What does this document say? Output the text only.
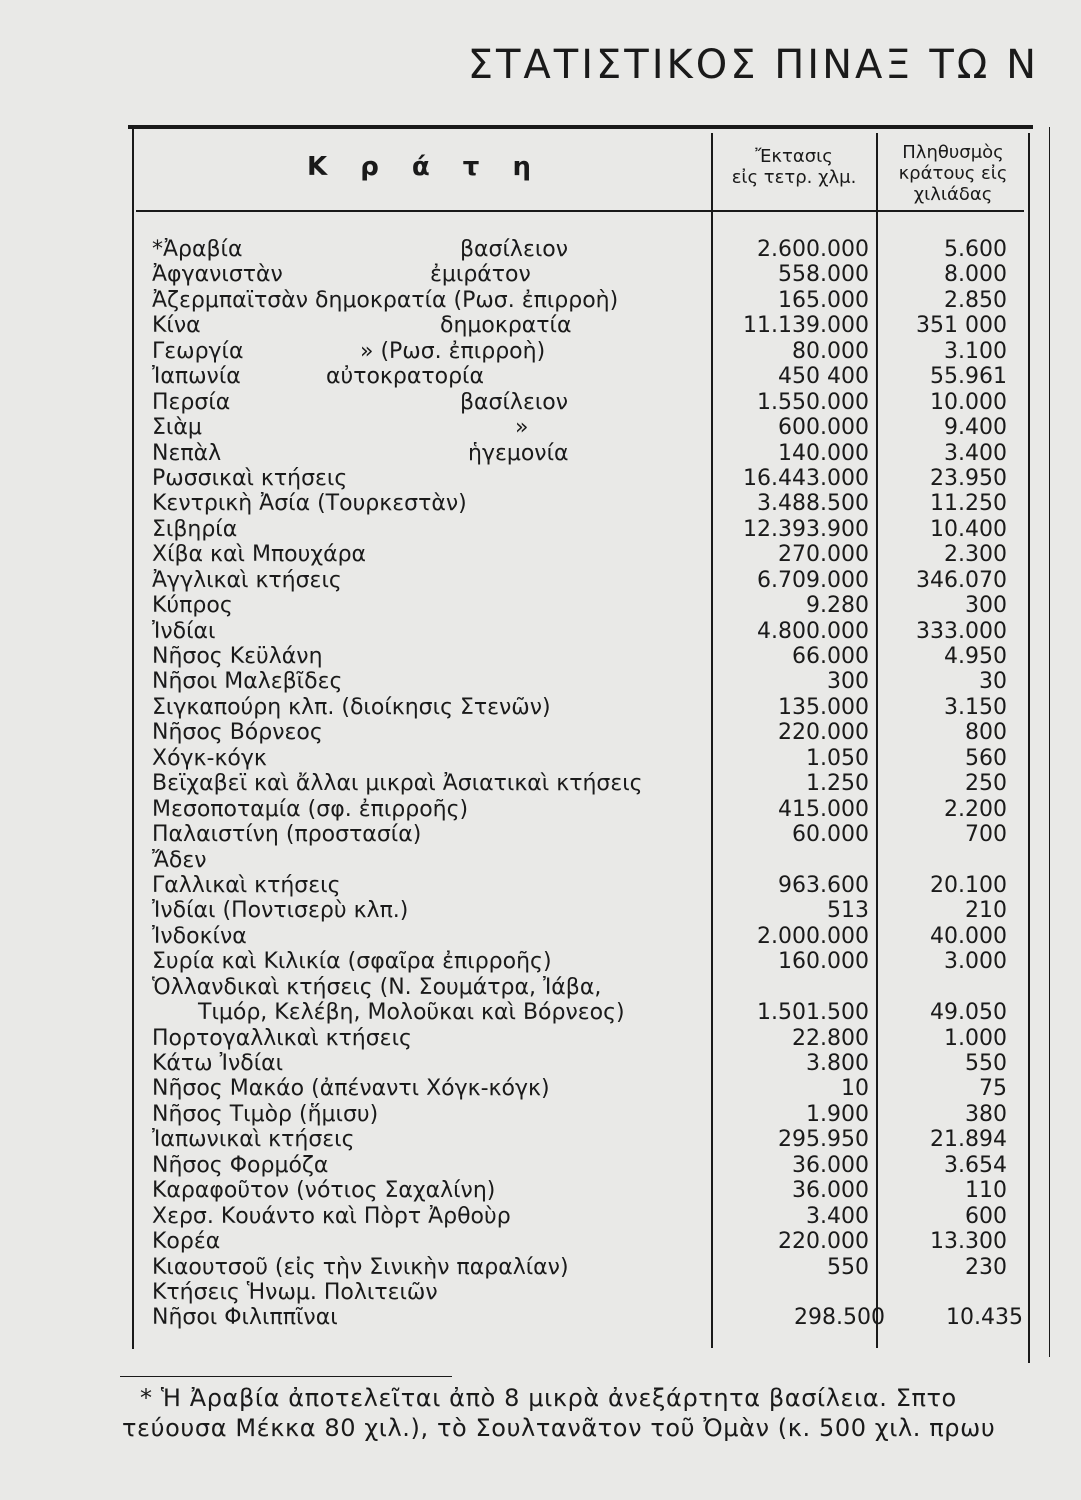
ΣΤΑΤΙΣΤΙΚΟΣ ΠΙΝΑΞ ΤΩ Ν
Κ ρ ά τ η	Ἔκτασις
εἰς τετρ. χλμ.
Πληθυσμὸς
κράτους εἰς
χιλιάδας
*Ἀραβία	βασίλειον	2.600.000	5.600
Ἀφγανιστὰν	ἐμιράτον	558.000	8.000
Ἀζερμπαϊτσὰν δημοκρατία (Ρωσ. ἐπιρροὴ)	165.000	2.850
Κίνα	δημοκρατία	11.139.000 351 000
Γεωργία	» (Ρωσ. ἐπιρροὴ)	80.000	3.100
Ἰαπωνία	αὐτοκρατορία	450 400	55.961
Περσία	βασίλειον	1.550.000	10.000
Σιὰμ	»	600.000	9.400
Νεπὰλ	ἡγεμονία	140.000	3.400
Ρωσσικαὶ κτήσεις	16.443.000	23.950
Κεντρικὴ Ἀσία (Τουρκεστὰν)	3.488.500	11.250
Σιβηρία	12.393.900	10.400
Χίβα καὶ Μπουχάρα	270.000	2.300
Ἀγγλικαὶ κτήσεις	6.709.000 346.070
Κύπρος	9.280	300
Ἰνδίαι	4.800.000 333.000
Νῆσος Κεϋλάνη	66.000	4.950
Νῆσοι Μαλεβῖδες	300	30
Σιγκαπούρη κλπ. (διοίκησις Στενῶν)	135.000	3.150
Νῆσος Βόρνεος	220.000	800
Χόγκ-κόγκ	1.050	560
Βεϊχαβεϊ καὶ ἄλλαι μικραὶ Ἀσιατικαὶ κτήσεις	1.250	250
Μεσοποταμία (σφ. ἐπιρροῆς)	415.000	2.200
Παλαιστίνη (προστασία)	60.000	700
Ἄδεν
Γαλλικαὶ κτήσεις	963.600	20.100
Ἰνδίαι (Ποντισερὺ κλπ.)	513	210
Ἰνδοκίνα	2.000.000	40.000
Συρία καὶ Κιλικία (σφαῖρα ἐπιρροῆς)	160.000	3.000
Ὁλλανδικαὶ κτήσεις (Ν. Σουμάτρα, Ἰάβα,
Τιμόρ, Κελέβη, Μολοῦκαι καὶ Βόρνεος)	1.501.500	49.050
Πορτογαλλικαὶ κτήσεις	22.800	1.000
Κάτω Ἰνδίαι	3.800	550
Νῆσος Μακάο (ἀπέναντι Χόγκ-κόγκ)	10	75
Νῆσος Τιμὸρ (ἥμισυ)	1.900	380
Ἰαπωνικαὶ κτήσεις	295.950	21.894
Νῆσος Φορμόζα	36.000	3.654
Καραφοῦτον (νότιος Σαχαλίνη)	36.000	110
Χερσ. Κουάντο καὶ Πὸρτ Ἀρθοὺρ	3.400	600
Κορέα	220.000	13.300
Κιαουτσοῦ (εἰς τὴν Σινικὴν παραλίαν)	550	230
Κτήσεις Ἡνωμ. Πολιτειῶν
Νῆσοι Φιλιππῖναι	298.500	10.435

* Ἡ Ἀραβία ἀποτελεῖται ἀπὸ 8 μικρὰ ἀνεξάρτητα βασίλεια. Σπτο

τεύουσα Μέκκα 80 χιλ.), τὸ Σουλτανᾶτον τοῦ Ὀμὰν (κ. 500 χιλ. πρωυ
